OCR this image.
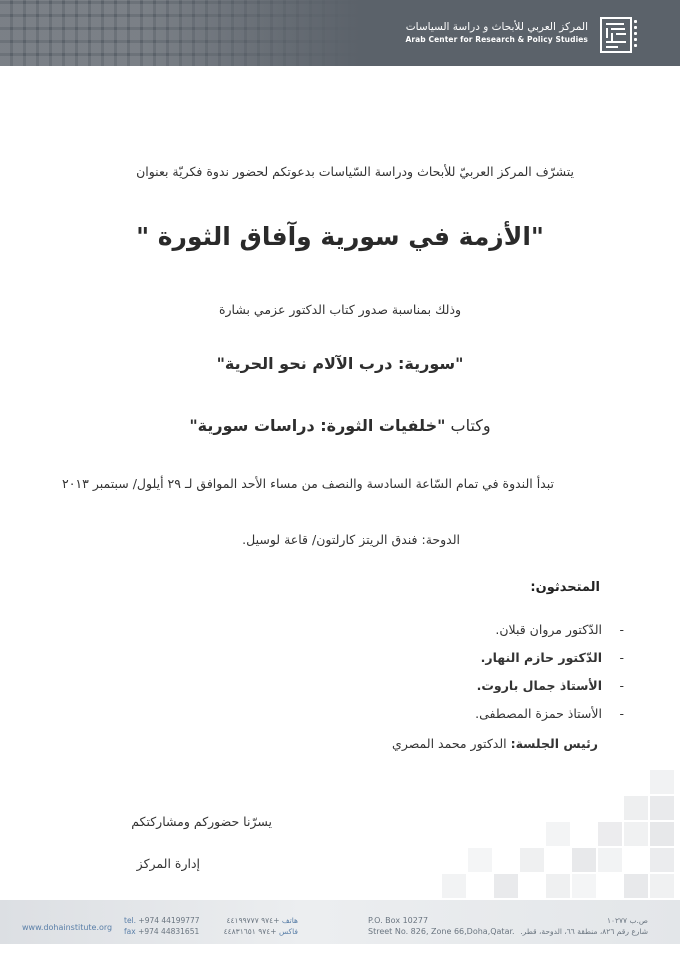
المركز العربي للأبحاث و دراسة السياسات
Arab Center for Research & Policy Studies
يتشرّف المركز العربيّ للأبحاث ودراسة السّياسات بدعوتكم لحضور ندوة فكريّة بعنوان
"الأزمة في سورية وآفاق الثورة "
وذلك بمناسبة صدور كتاب الدكتور عزمي بشارة
"سورية: درب الآلام نحو الحرية"
وكتاب "خلفيات الثورة: دراسات سورية"
تبدأ الندوة في تمام السّاعة السادسة والنصف من مساء الأحد الموافق لـ ٢٩ أيلول/ سبتمبر ٢٠١٣
الدوحة: فندق الريتز كارلتون/ قاعة لوسيل.
المتحدثون:
-
الدّكتور مروان قبلان.
-
الدّكتور حازم النهار.
-
الأستاذ جمال باروت.
-
الأستاذ حمزة المصطفى.
رئيس الجلسة: الدكتور محمد المصري
يسرّنا حضوركم ومشاركتكم
إدارة المركز
www.dohainstitute.org
tel. +974 44199777
fax +974 44831651
هاتف +٩٧٤ ٤٤١٩٩٧٧٧
فاكس +٩٧٤ ٤٤٨٣١٦٥١
P.O. Box 10277
Street No. 826, Zone 66,Doha,Qatar.
ص.ب ١٠٢٧٧
شارع رقم ٨٢٦، منطقة ٦٦، الدوحة، قطر.
